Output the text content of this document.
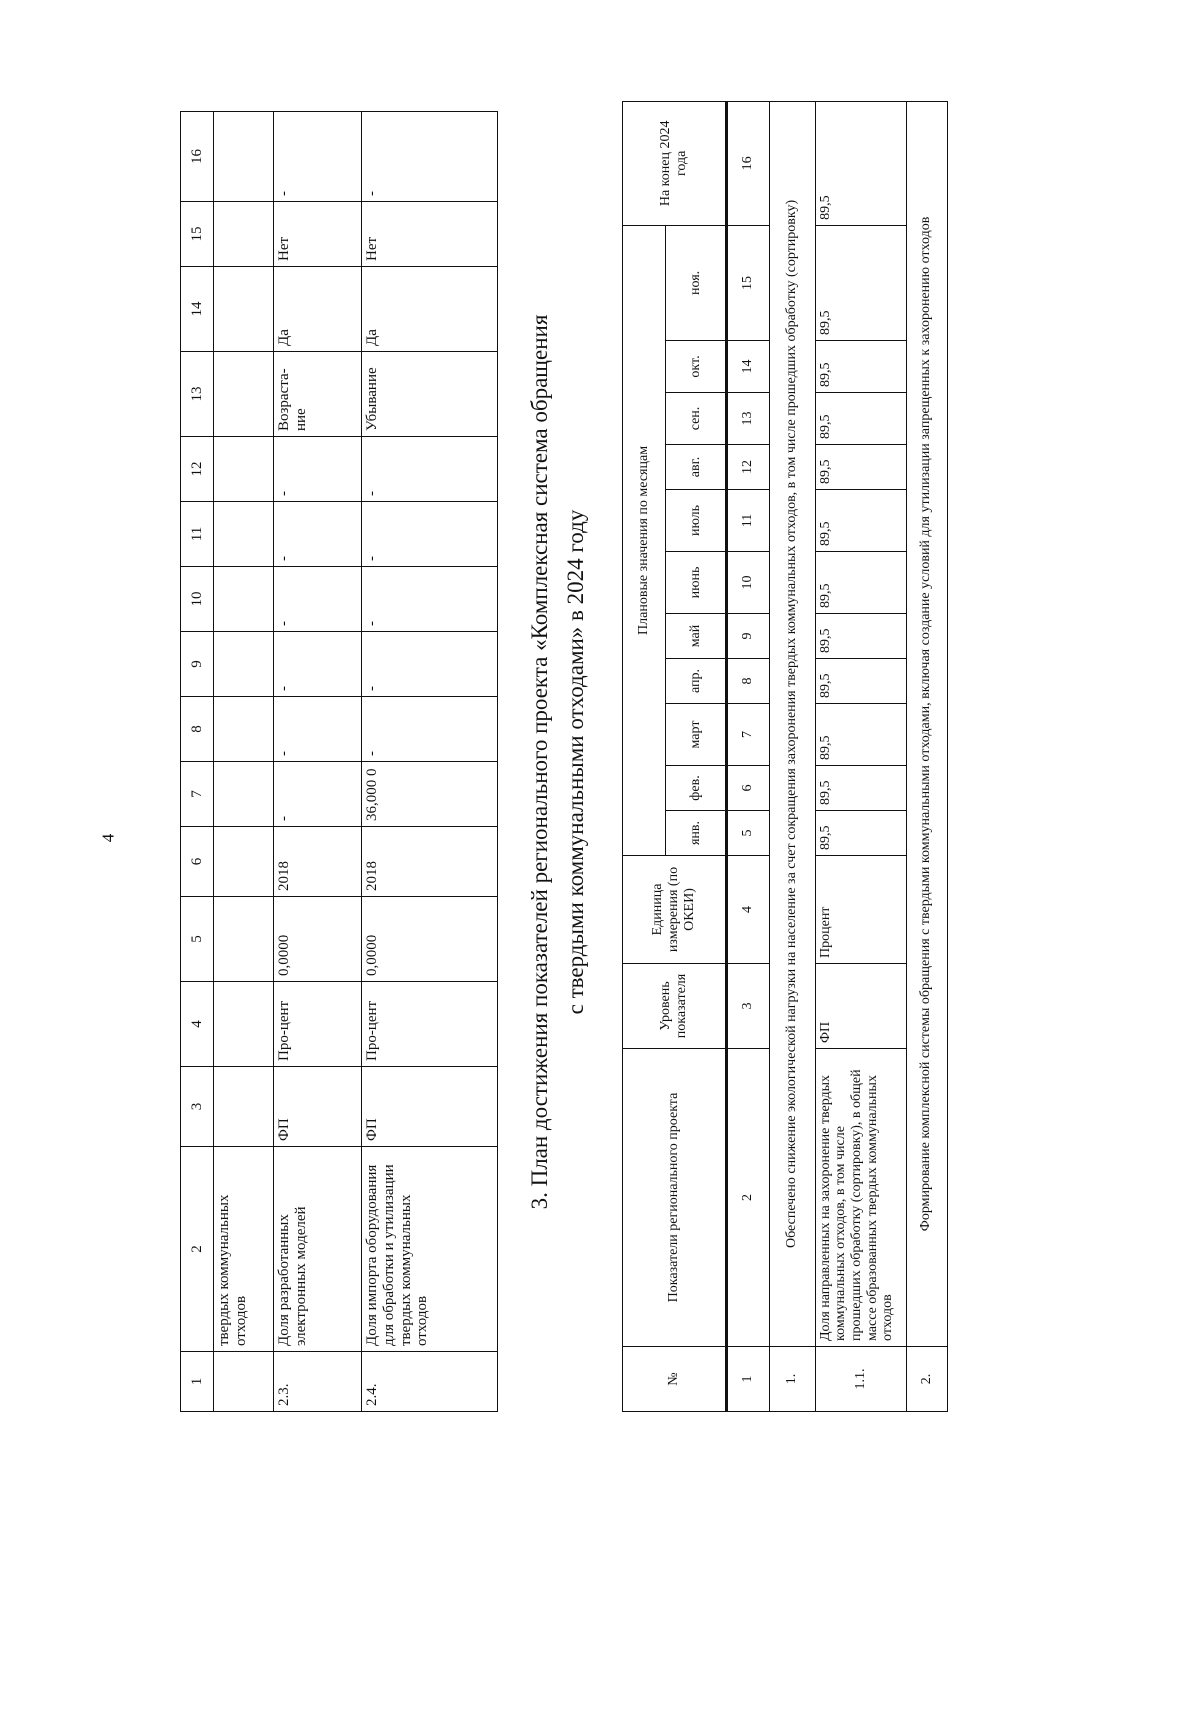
4
1	2	3	4	5	6	7	8	9	10	11	12	13	14	15	16
	твердых коммунальных отходов														
2.3.	Доля разработанных электронных моделей	ФП	Про-цент	0,0000	2018	-	-	-	-	-	-	Возраста-ние	Да	Нет	-
2.4.	Доля импорта оборудования для обработки и утилизации твердых коммунальных отходов	ФП	Про-цент	0,0000	2018	36,000 0	-	-	-	-	-	Убывание	Да	Нет	-
3. План достижения показателей регионального проекта «Комплексная система обращения с твердыми коммунальными отходами» в 2024 году
№	Показатели регионального проекта	Уровень показателя	Единица измерения (по ОКЕИ)	Плановые значения по месяцам											На конец 2024 года
				янв.	фев.	март	апр.	май	июнь	июль	авг.	сен.	окт.	ноя.	
1	2	3	4	5	6	7	8	9	10	11	12	13	14	15	16
1.	Обеспечено снижение экологической нагрузки на население за счет сокращения захоронения твердых коммунальных отходов, в том числе прошедших обработку (сортировку)														
1.1.	Доля направленных на захоронение твердых коммунальных отходов, в том числе прошедших обработку (сортировку), в общей массе образованных твердых коммунальных отходов	ФП	Процент	89,5	89,5	89,5	89,5	89,5	89,5	89,5	89,5	89,5	89,5	89,5	89,5
2.	Формирование комплексной системы обращения с твердыми коммунальными отходами, включая создание условий для утилизации запрещенных к захоронению отходов														
